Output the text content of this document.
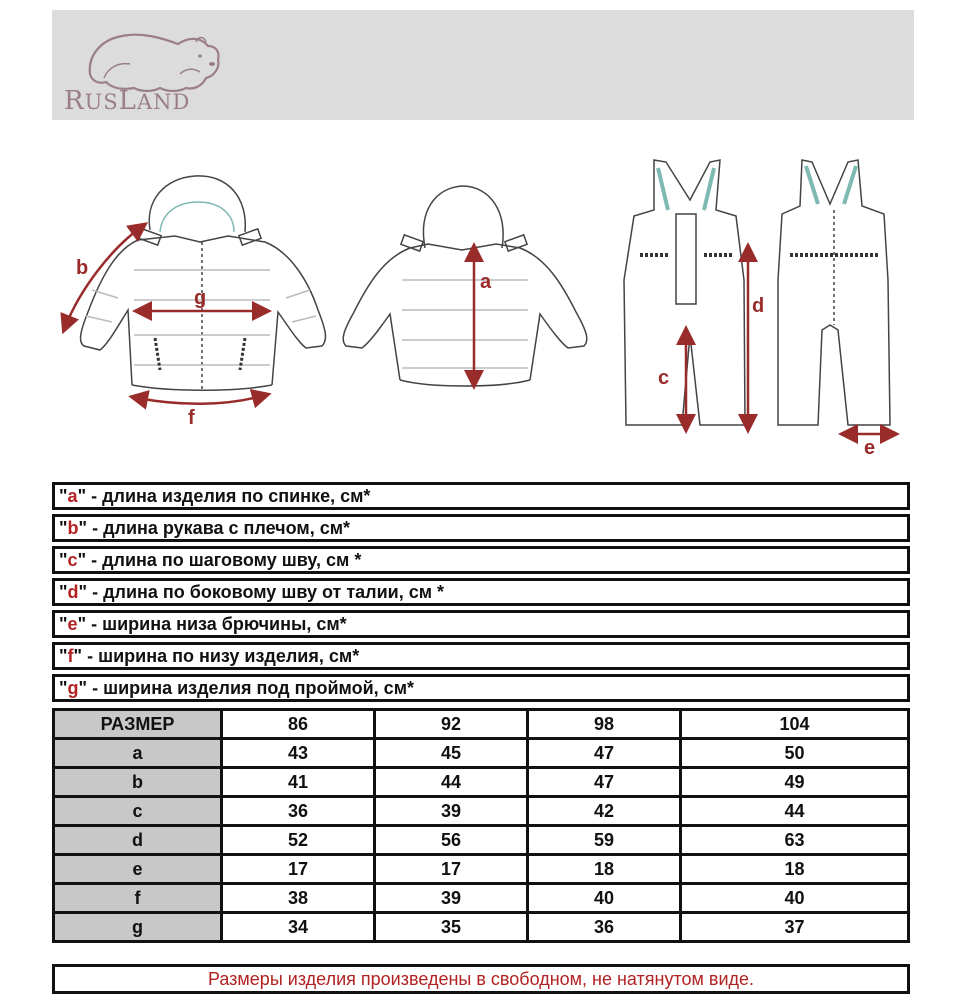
RUSLAND
b
g
f
a
d
c
e
"a" - длина изделия по спинке, см*
"b" - длина рукава с плечом, см*
"c" - длина по шаговому шву, см *
"d" - длина по боковому шву от талии, см *
"e" - ширина низа брючины, см*
"f" - ширина по низу изделия, см*
"g" - ширина изделия под проймой, см*
РАЗМЕР	86	92	98	104
a	43	45	47	50
b	41	44	47	49
c	36	39	42	44
d	52	56	59	63
e	17	17	18	18
f	38	39	40	40
g	34	35	36	37
Размеры изделия произведены в свободном, не натянутом виде.
